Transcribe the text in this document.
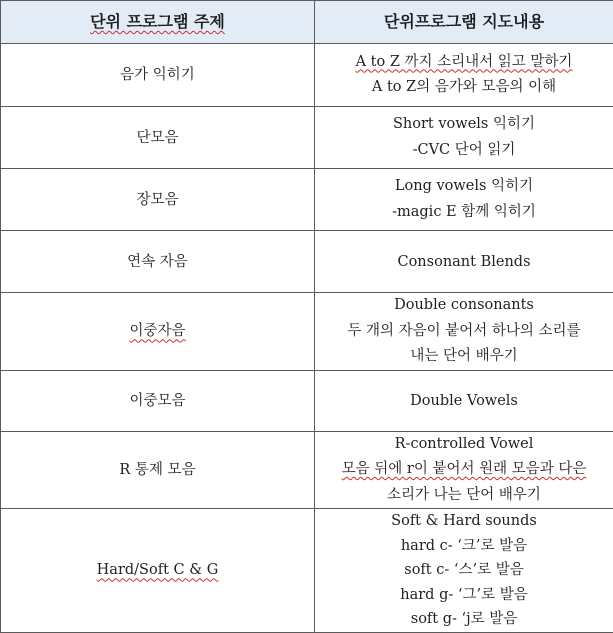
단위 프로그램 주제	단위프로그램 지도내용
음가 익히기	A to Z 까지 소리내서 읽고 말하기
A to Z의 음가와 모음의 이해

단모음	Short vowels 익히기
-CVC 단어 읽기

장모음	Long vowels 익히기
-magic E 함께 익히기

연속 자음	Consonant Blends

이중자음	Double consonants
두 개의 자음이 붙어서 하나의 소리를
내는 단어 배우기

이중모음	Double Vowels

R 통제 모음	R-controlled Vowel
모음 뒤에 r이 붙어서 원래 모음과 다은
소리가 나는 단어 배우기

Hard/Soft C & G	Soft & Hard sounds
hard c- ‘크’로 발음
soft c- ‘스’로 발음
hard g- ‘그’로 발음
soft g- ‘j로 발음
